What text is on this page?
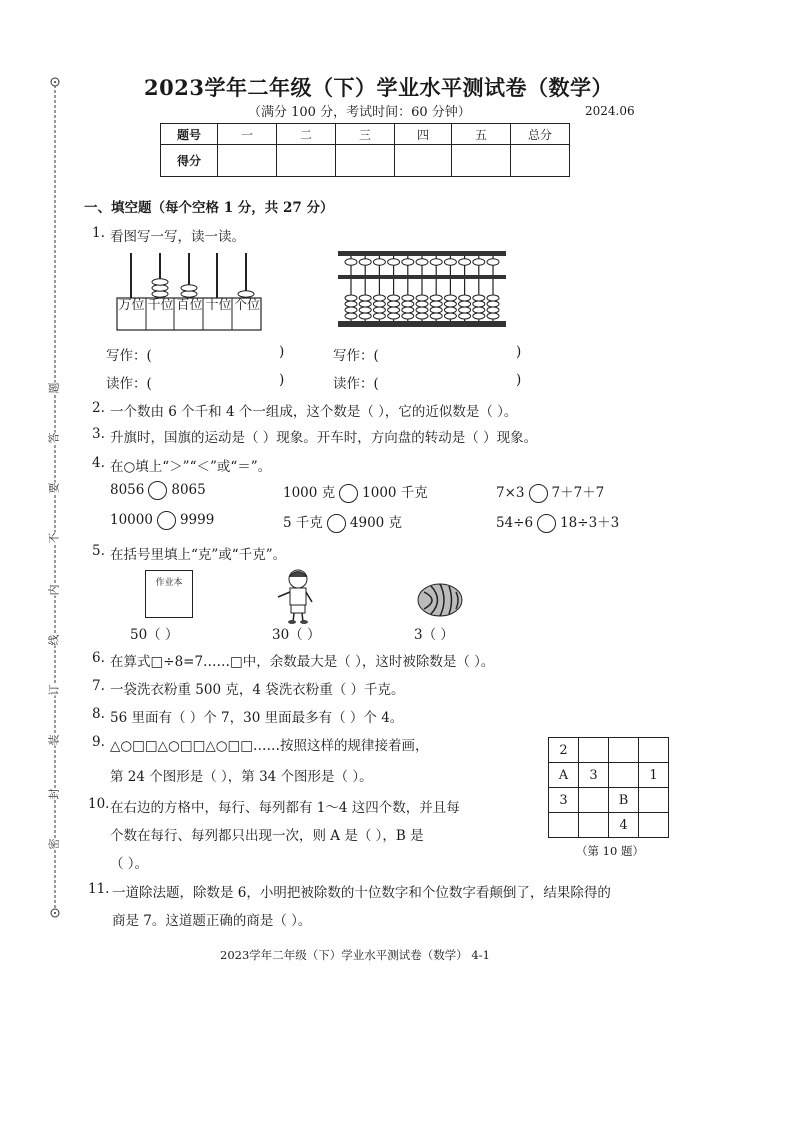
密
封
装
订
线
内
不
要
答
题
2023学年二年级（下）学业水平测试卷（数学）
（满分 100 分，考试时间：60 分钟）	2024.06
题号	一	二	三	四	五	总分
得分						
一、填空题（每个空格 1 分，共 27 分）
1. 看图写一写，读一读。
万位 千位 百位 十位 个位
写作：(	)	写作：(	)
读作：(	)	读作：(	)
2. 一个数由 6 个千和 4 个一组成，这个数是（ ），它的近似数是（ ）。
3. 升旗时，国旗的运动是（ ）现象。开车时，方向盘的转动是（ ）现象。
4. 在○填上“＞”“＜”或“＝”。
8056 8065	1000 克 1000 千克	7×3 7＋7＋7
10000 9999	5 千克 4900 克	54÷6 18÷3＋3
5. 在括号里填上“克”或“千克”。
作业本
50（ ）	30（ ）	3（ ）
6. 在算式□÷8=7……□中，余数最大是（ ），这时被除数是（ ）。
7. 一袋洗衣粉重 500 克，4 袋洗衣粉重（ ）千克。
8. 56 里面有（ ）个 7，30 里面最多有（ ）个 4。
9. △○□□△○□□△○□□……按照这样的规律接着画，
第 24 个图形是（ ），第 34 个图形是（ ）。
10. 在右边的方格中，每行、每列都有 1～4 这四个数，并且每
个数在每行、每列都只出现一次，则 A 是（ ），B 是
（ ）。
2			
A	3		1
3		B	
		4	
（第 10 题）
11. 一道除法题，除数是 6，小明把被除数的十位数字和个位数字看颠倒了，结果除得的
商是 7。这道题正确的商是（ ）。
2023学年二年级（下）学业水平测试卷（数学） 4-1
